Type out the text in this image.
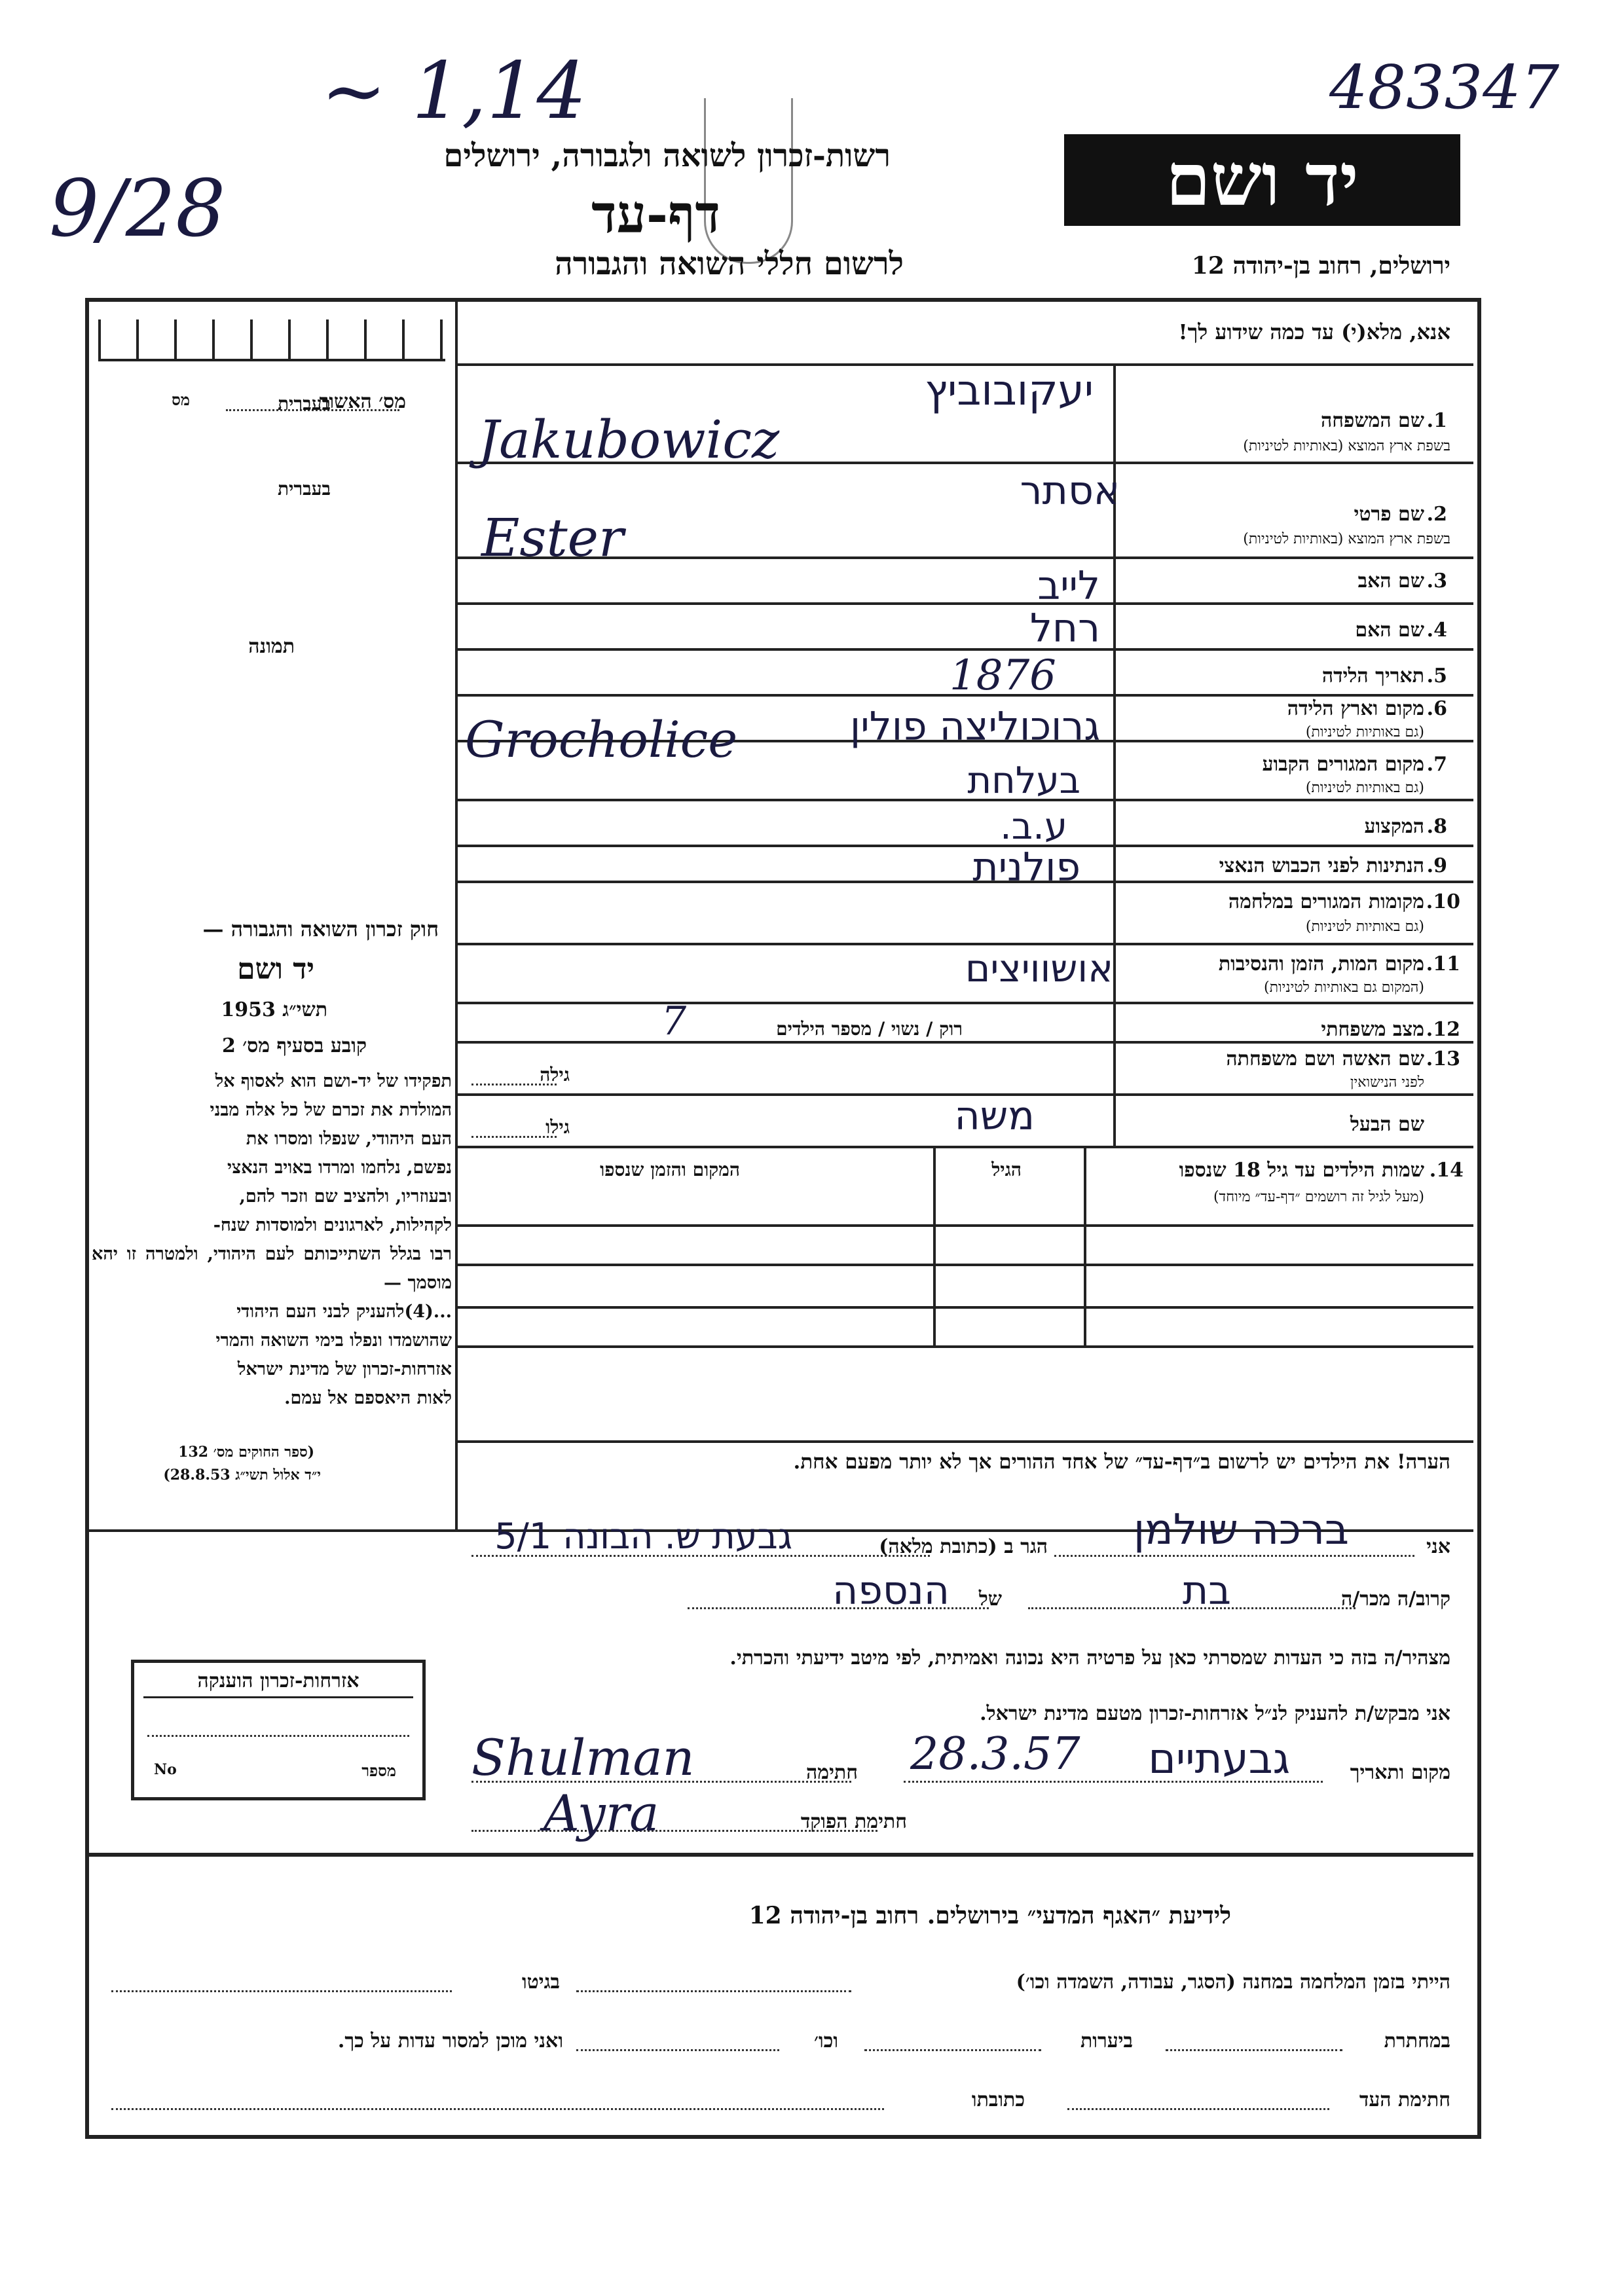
~ 1,14
9/28
483347
רשות-זכרון לשואה ולגבורה, ירושלים
דף-עד
לרשום חללי השואה והגבורה
יד ושם
ירושלים, רחוב בן-יהודה 12
אנא, מלא(י) עד כמה שידוע לך!
מס׳ האשור
מס
תמונה
חוק זכרון השואה והגבורה —
יד ושם
תשי״ג 1953
קובע בסעיף מס׳ 2
תפקידו של יד-ושם הוא לאסוף אל
המולדת את זכרם של כל אלה מבני
העם היהודי, שנפלו ומסרו את
נפשם, נלחמו ומרדו באויב הנאצי
ובעוזריו, ולהציב שם וזכר להם,
לקהילות, לארגונים ולמוסדות שנח-
רבו בגלל השתייכותם לעם היהודי, ולמטרה זו יהא מוסמך —
...(4)להעניק לבני העם היהודי
שהושמדו ונפלו בימי השואה והמרי
אזרחות-זכרון של מדינת ישראל
לאות היאספם אל עמם.
(ספר החוקים מס׳ 132
י״ד אלול תשי״ג 28.8.53)
בעברית
1.
שם המשפחה
בשפת ארץ המוצא (באותיות לטיניות)
יעקובוביץ
Jakubowicz
בעברית
2.
שם פרטי
בשפת ארץ המוצא (באותיות לטיניות)
אסתר
Ester
3.
שם האב
לייב
4.
שם האם
רחל
5.
תאריך הלידה
1876
6.
מקום וארץ הלידה
(גם באותיות לטיניות)
גרוכוליצה פולין
Grocholice	7.
מקום המגורים הקבוע
(גם באותיות לטיניות)
בעלחת
8.
המקצוע
ע.ב.
9.
הנתינות לפני הכבוש הנאצי
פולנית
10.
מקומות המגורים במלחמה
(גם באותיות לטיניות)
11.
מקום המות, הזמן והנסיבות
(המקום גם באותיות לטיניות)
אושוויצים
12.
מצב משפחתי
רוק / נשוי / מספר הילדים
7
13.
שם האשה ושם משפחתה
לפני הנישואין
גילה
שם הבעל
משה
גילו
14.
שמות הילדים עד גיל 18 שנספו
(מעל לגיל זה רושמים ״דף-עד״ מיוחד)
הגיל
המקום והזמן שנספו
הערה! את הילדים יש לרשום ב״דף-עד״ של אחד ההורים אך לא יותר מפעם אחת.
אני
ברכה שולמן
הגר ב (כתובת מלאה)
גבעת ש. הבונה 5/1
קרוב/ה מכר/ה
בת
של
הנספה
מצהיר/ה בזה כי העדות שמסרתי כאן על פרטיה היא נכונה ואמיתית, לפי מיטב ידיעתי והכרתי.
אני מבקש/ת להעניק לנ״ל אזרחות-זכרון מטעם מדינת ישראל.
מקום ותאריך
גבעתיים
28.3.57
חתימה
Shulman
חתימת הפוקד
Ayra
אזרחות-זכרון הוענקה
מספר
No
לידיעת ״האגף המדעי״ בירושלים. רחוב בן-יהודה 12
הייתי בזמן המלחמה במחנה (הסגר, עבודה, השמדה וכו׳)
בגיטו
במחתרת
ביערות
וכו׳
ואני מוכן למסור עדות על כך.
חתימת העד
כתובתו
